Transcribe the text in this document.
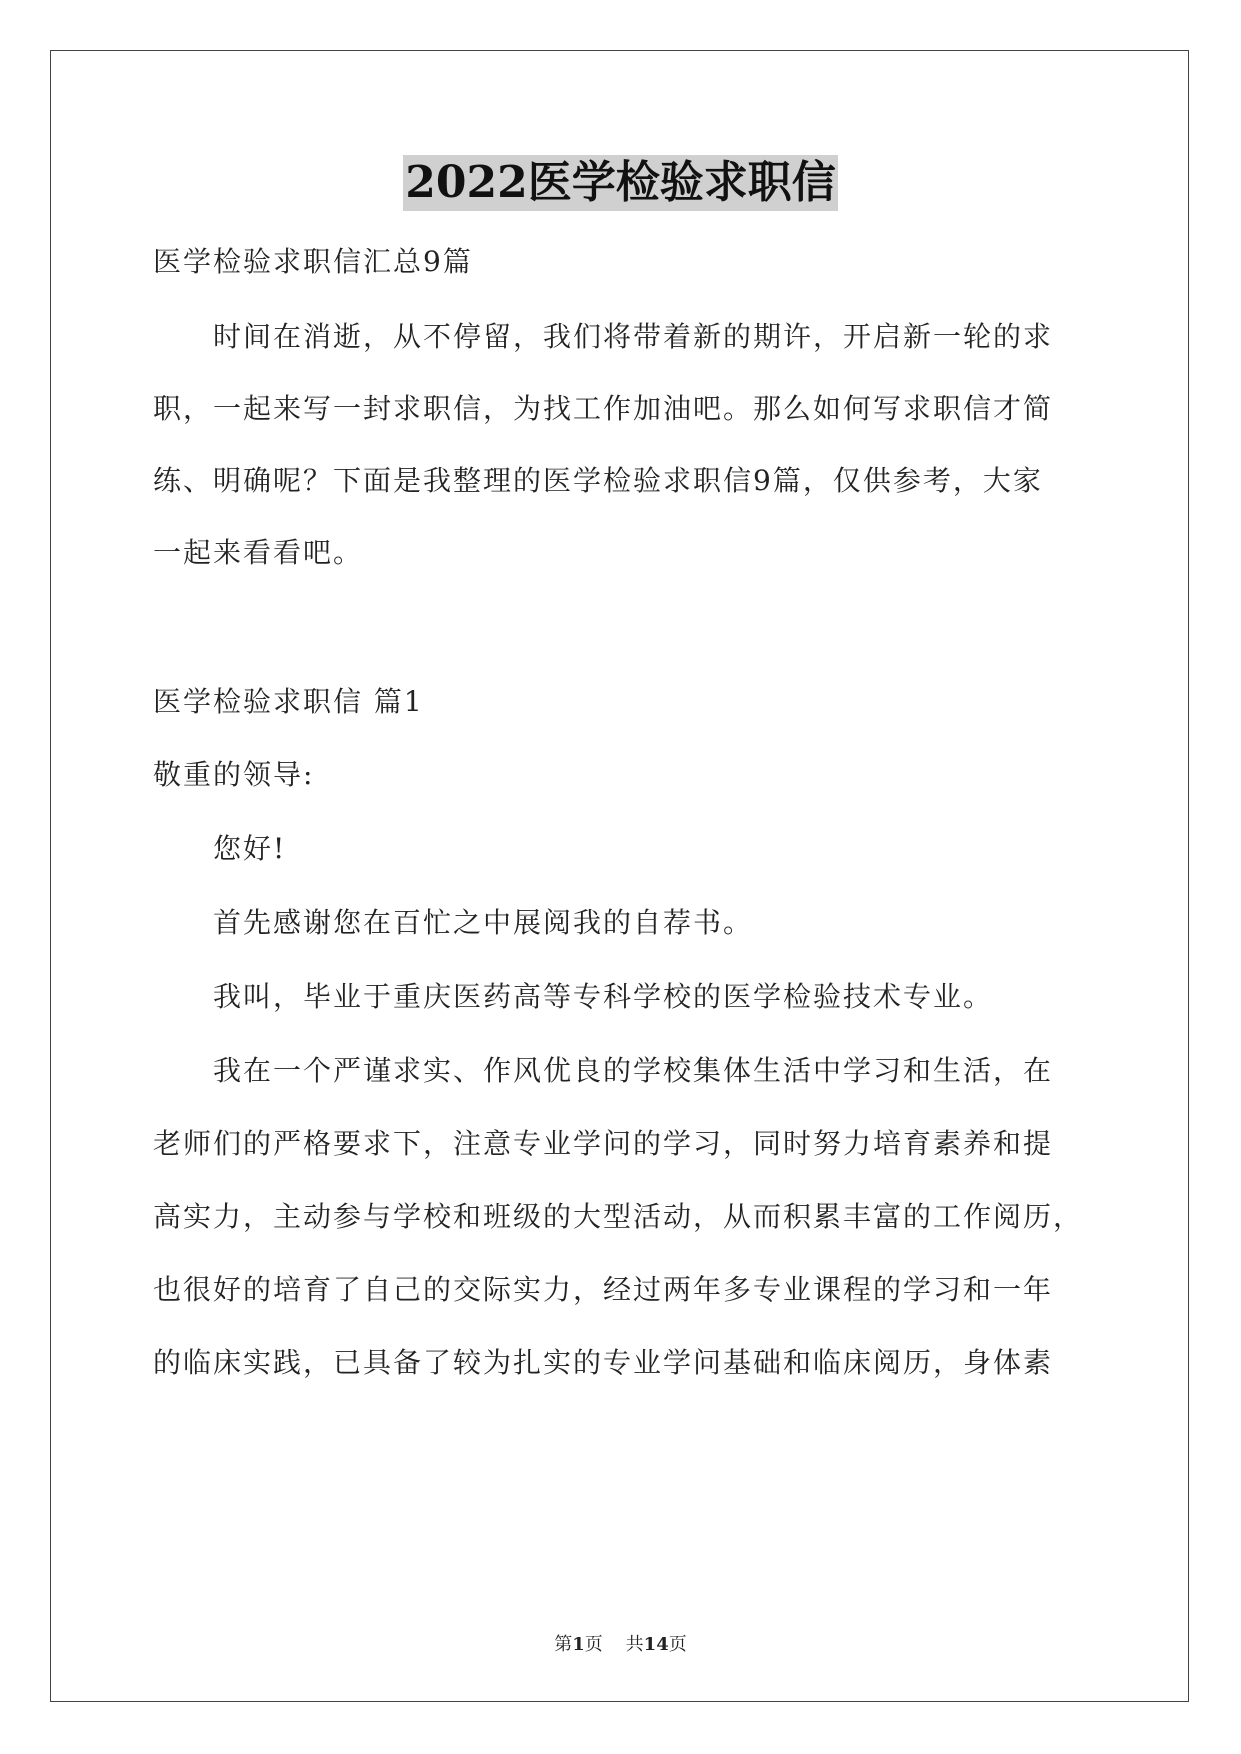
2022医学检验求职信

医学检验求职信汇总9篇

时间在消逝，从不停留，我们将带着新的期许，开启新一轮的求

职，一起来写一封求职信，为找工作加油吧。那么如何写求职信才简

练、明确呢？下面是我整理的医学检验求职信9篇，仅供参考，大家

一起来看看吧。

医学检验求职信 篇1

敬重的领导:

您好!

首先感谢您在百忙之中展阅我的自荐书。

我叫，毕业于重庆医药高等专科学校的医学检验技术专业。

我在一个严谨求实、作风优良的学校集体生活中学习和生活，在

老师们的严格要求下，注意专业学问的学习，同时努力培育素养和提

高实力，主动参与学校和班级的大型活动，从而积累丰富的工作阅历，

也很好的培育了自己的交际实力，经过两年多专业课程的学习和一年

的临床实践，已具备了较为扎实的专业学问基础和临床阅历，身体素

第1页 共14页
